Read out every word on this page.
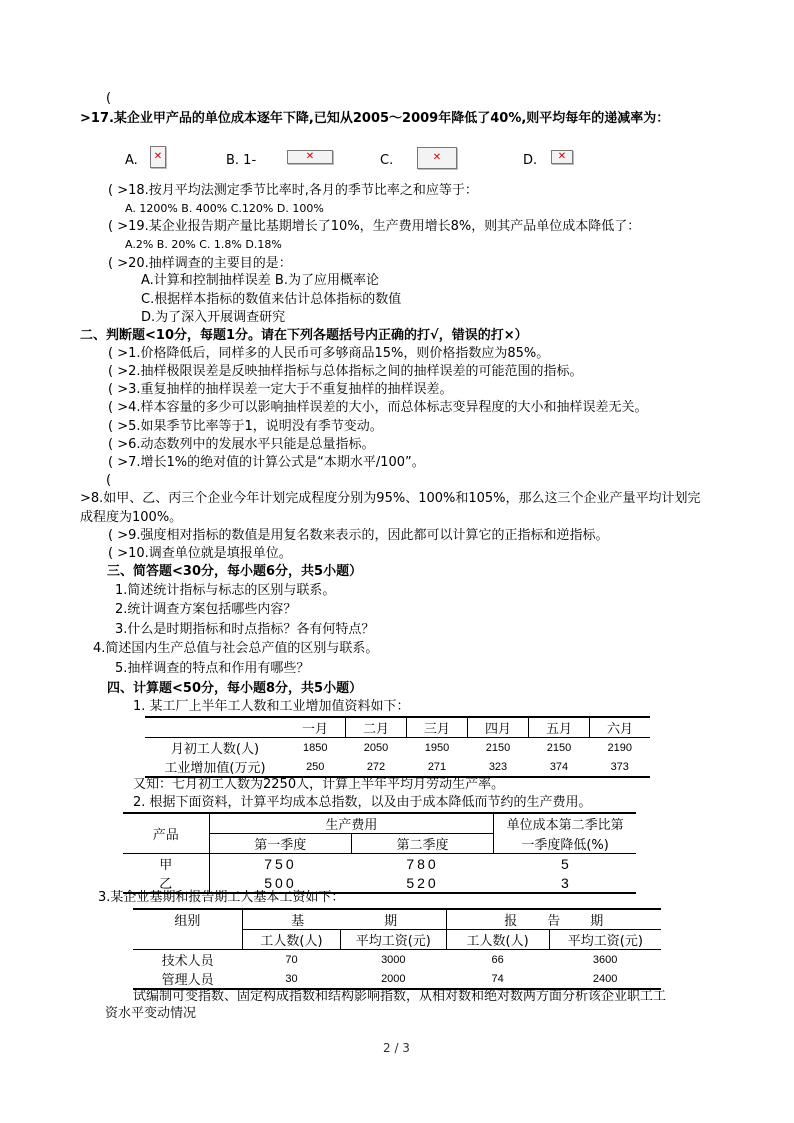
(
>17.某企业甲产品的单位成本逐年下降,已知从2005～2009年降低了40%,则平均每年的递减率为：
A. ✕	B. 1-	✕	C.	✕	D. ✕
( >18.按月平均法测定季节比率时,各月的季节比率之和应等于：
A. 1200% B. 400% C.120% D. 100%
( >19.某企业报告期产量比基期增长了10%，生产费用增长8%，则其产品单位成本降低了：
A.2% B. 20% C. 1.8% D.18%
( >20.抽样调查的主要目的是：
A.计算和控制抽样误差 B.为了应用概率论
C.根据样本指标的数值来估计总体指标的数值
D.为了深入开展调查研究
二、判断题<10分，每题1分。请在下列各题括号内正确的打√，错误的打×）
( >1.价格降低后，同样多的人民币可多够商品15%，则价格指数应为85%。
( >2.抽样极限误差是反映抽样指标与总体指标之间的抽样误差的可能范围的指标。
( >3.重复抽样的抽样误差一定大于不重复抽样的抽样误差。
( >4.样本容量的多少可以影响抽样误差的大小，而总体标志变异程度的大小和抽样误差无关。
( >5.如果季节比率等于1，说明没有季节变动。
( >6.动态数列中的发展水平只能是总量指标。
( >7.增长1%的绝对值的计算公式是“本期水平/100”。
(
>8.如甲、乙、丙三个企业今年计划完成程度分别为95%、100%和105%，那么这三个企业产量平均计划完
成程度为100%。
( >9.强度相对指标的数值是用复名数来表示的，因此都可以计算它的正指标和逆指标。
( >10.调查单位就是填报单位。
三、简答题<30分，每小题6分，共5小题）
1.简述统计指标与标志的区别与联系。
2.统计调查方案包括哪些内容？
3.什么是时期指标和时点指标？各有何特点？
4.简述国内生产总值与社会总产值的区别与联系。
5.抽样调查的特点和作用有哪些？
四、计算题<50分，每小题8分，共5小题）
1. 某工厂上半年工人数和工业增加值资料如下：
	一月	二月	三月	四月	五月	六月
月初工人数(人)	1850	2050	1950	2150	2150	2190
工业增加值(万元)	250	272	271	323	374	373
又知：七月初工人数为2250人，计算上半年平均月劳动生产率。
2. 根据下面资料，计算平均成本总指数，以及由于成本降低而节约的生产费用。
产品	生产费用		单位成本第二季比第
	第一季度	第二季度	一季度降低(%)
甲	750	780	5
乙	500	520	3
3.某企业基期和报告期工人基本工资如下：
组别	基 期		报 告 期	
	工人数(人)	平均工资(元)	工人数(人)	平均工资(元)
技术人员	70	3000	66	3600
管理人员	30	2000	74	2400
试编制可变指数、固定构成指数和结构影响指数，从相对数和绝对数两方面分析该企业职工工
资水平变动情况
2 / 3
